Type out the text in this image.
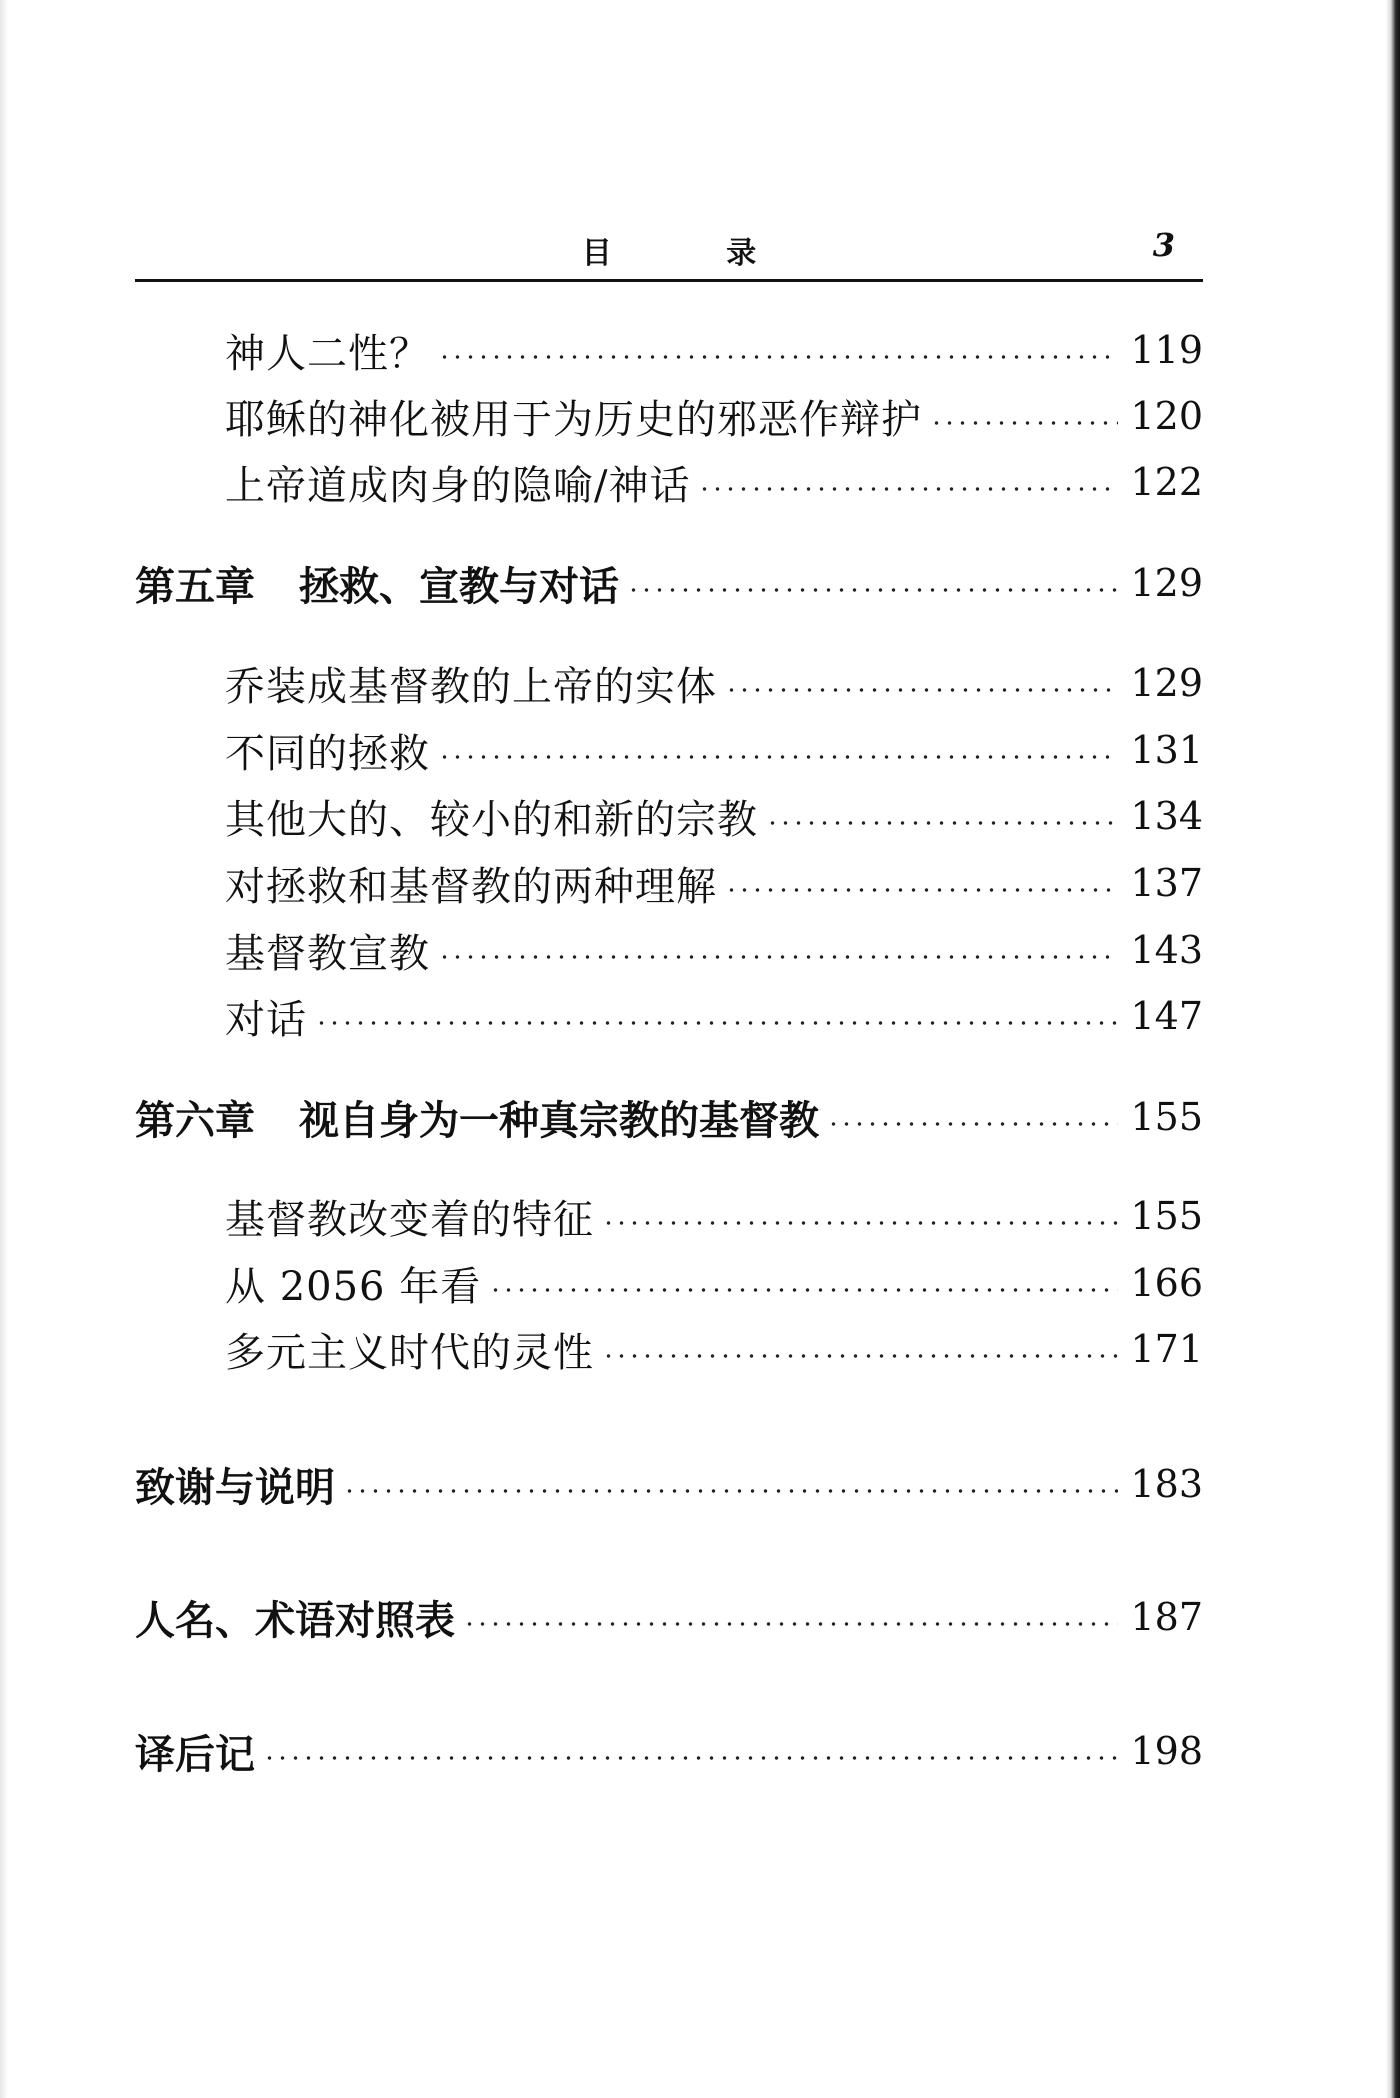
目 录	3
神人二性？	119
耶稣的神化被用于为历史的邪恶作辩护	120
上帝道成肉身的隐喻/神话	122
第五章 拯救、宣教与对话	129
乔装成基督教的上帝的实体	129
不同的拯救	131
其他大的、较小的和新的宗教	134
对拯救和基督教的两种理解	137
基督教宣教	143
对话	147
第六章 视自身为一种真宗教的基督教	155
基督教改变着的特征	155
从 2056 年看	166
多元主义时代的灵性	171
致谢与说明	183
人名、术语对照表	187
译后记	198
